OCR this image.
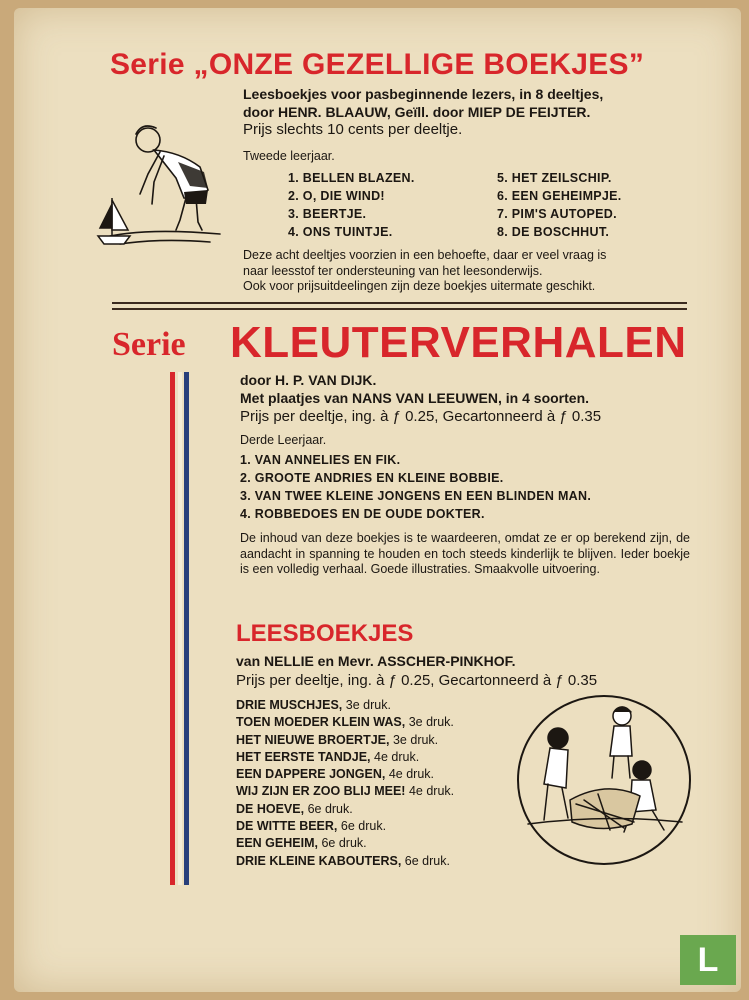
Serie „ONZE GEZELLIGE BOEKJES”
Leesboekjes voor pasbeginnende lezers, in 8 deeltjes,
door HENR. BLAAUW, Geïll. door MIEP DE FEIJTER.
Prijs slechts 10 cents per deeltje.
Tweede leerjaar.
1. BELLEN BLAZEN.
2. O, DIE WIND!
3. BEERTJE.
4. ONS TUINTJE.
5. HET ZEILSCHIP.
6. EEN GEHEIMPJE.
7. PIM'S AUTOPED.
8. DE BOSCHHUT.
Deze acht deeltjes voorzien in een behoefte, daar er veel vraag is
naar leesstof ter ondersteuning van het leesonderwijs.
Ook voor prijsuitdeelingen zijn deze boekjes uitermate geschikt.
Serie KLEUTERVERHALEN
door H. P. VAN DIJK.
Met plaatjes van NANS VAN LEEUWEN, in 4 soorten.
Prijs per deeltje, ing. à ƒ 0.25, Gecartonneerd à ƒ 0.35
Derde Leerjaar.
1. VAN ANNELIES EN FIK.
2. GROOTE ANDRIES EN KLEINE BOBBIE.
3. VAN TWEE KLEINE JONGENS EN EEN BLINDEN MAN.
4. ROBBEDOES EN DE OUDE DOKTER.
De inhoud van deze boekjes is te waardeeren, omdat ze er op berekend zijn, de aandacht in spanning te houden en toch steeds kinderlijk te blijven. Ieder boekje is een volledig verhaal. Goede illustraties. Smaakvolle uitvoering.
LEESBOEKJES
van NELLIE en Mevr. ASSCHER-PINKHOF.
Prijs per deeltje, ing. à ƒ 0.25, Gecartonneerd à ƒ 0.35
DRIE MUSCHJES, 3e druk.
TOEN MOEDER KLEIN WAS, 3e druk.
HET NIEUWE BROERTJE, 3e druk.
HET EERSTE TANDJE, 4e druk.
EEN DAPPERE JONGEN, 4e druk.
WIJ ZIJN ER ZOO BLIJ MEE! 4e druk.
DE HOEVE, 6e druk.
DE WITTE BEER, 6e druk.
EEN GEHEIM, 6e druk.
DRIE KLEINE KABOUTERS, 6e druk.
L
